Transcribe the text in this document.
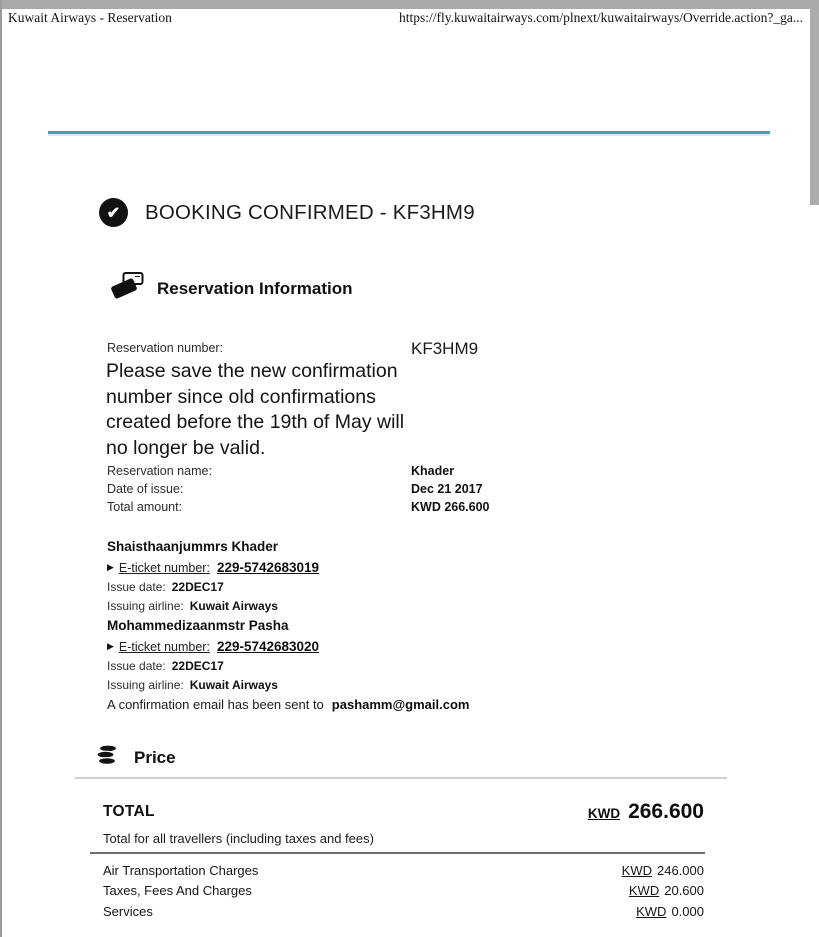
Kuwait Airways - Reservation	https://fly.kuwaitairways.com/plnext/kuwaitairways/Override.action?_ga...
✔	BOOKING CONFIRMED - KF3HM9
Reservation Information
Reservation number:	KF3HM9
Please save the new confirmation
number since old confirmations
created before the 19th of May will
no longer be valid.
Reservation name:	Khader
Date of issue:	Dec 21 2017
Total amount:	KWD 266.600
Shaisthaanjummrs Khader
▶ E-ticket number: 229-5742683019
Issue date: 22DEC17
Issuing airline: Kuwait Airways
Mohammedizaanmstr Pasha
▶ E-ticket number: 229-5742683020
Issue date: 22DEC17
Issuing airline: Kuwait Airways
A confirmation email has been sent to pashamm@gmail.com
Price
TOTAL	KWD 266.600
Total for all travellers (including taxes and fees)
Air Transportation Charges	KWD 246.000
Taxes, Fees And Charges	KWD 20.600
Services	KWD 0.000
